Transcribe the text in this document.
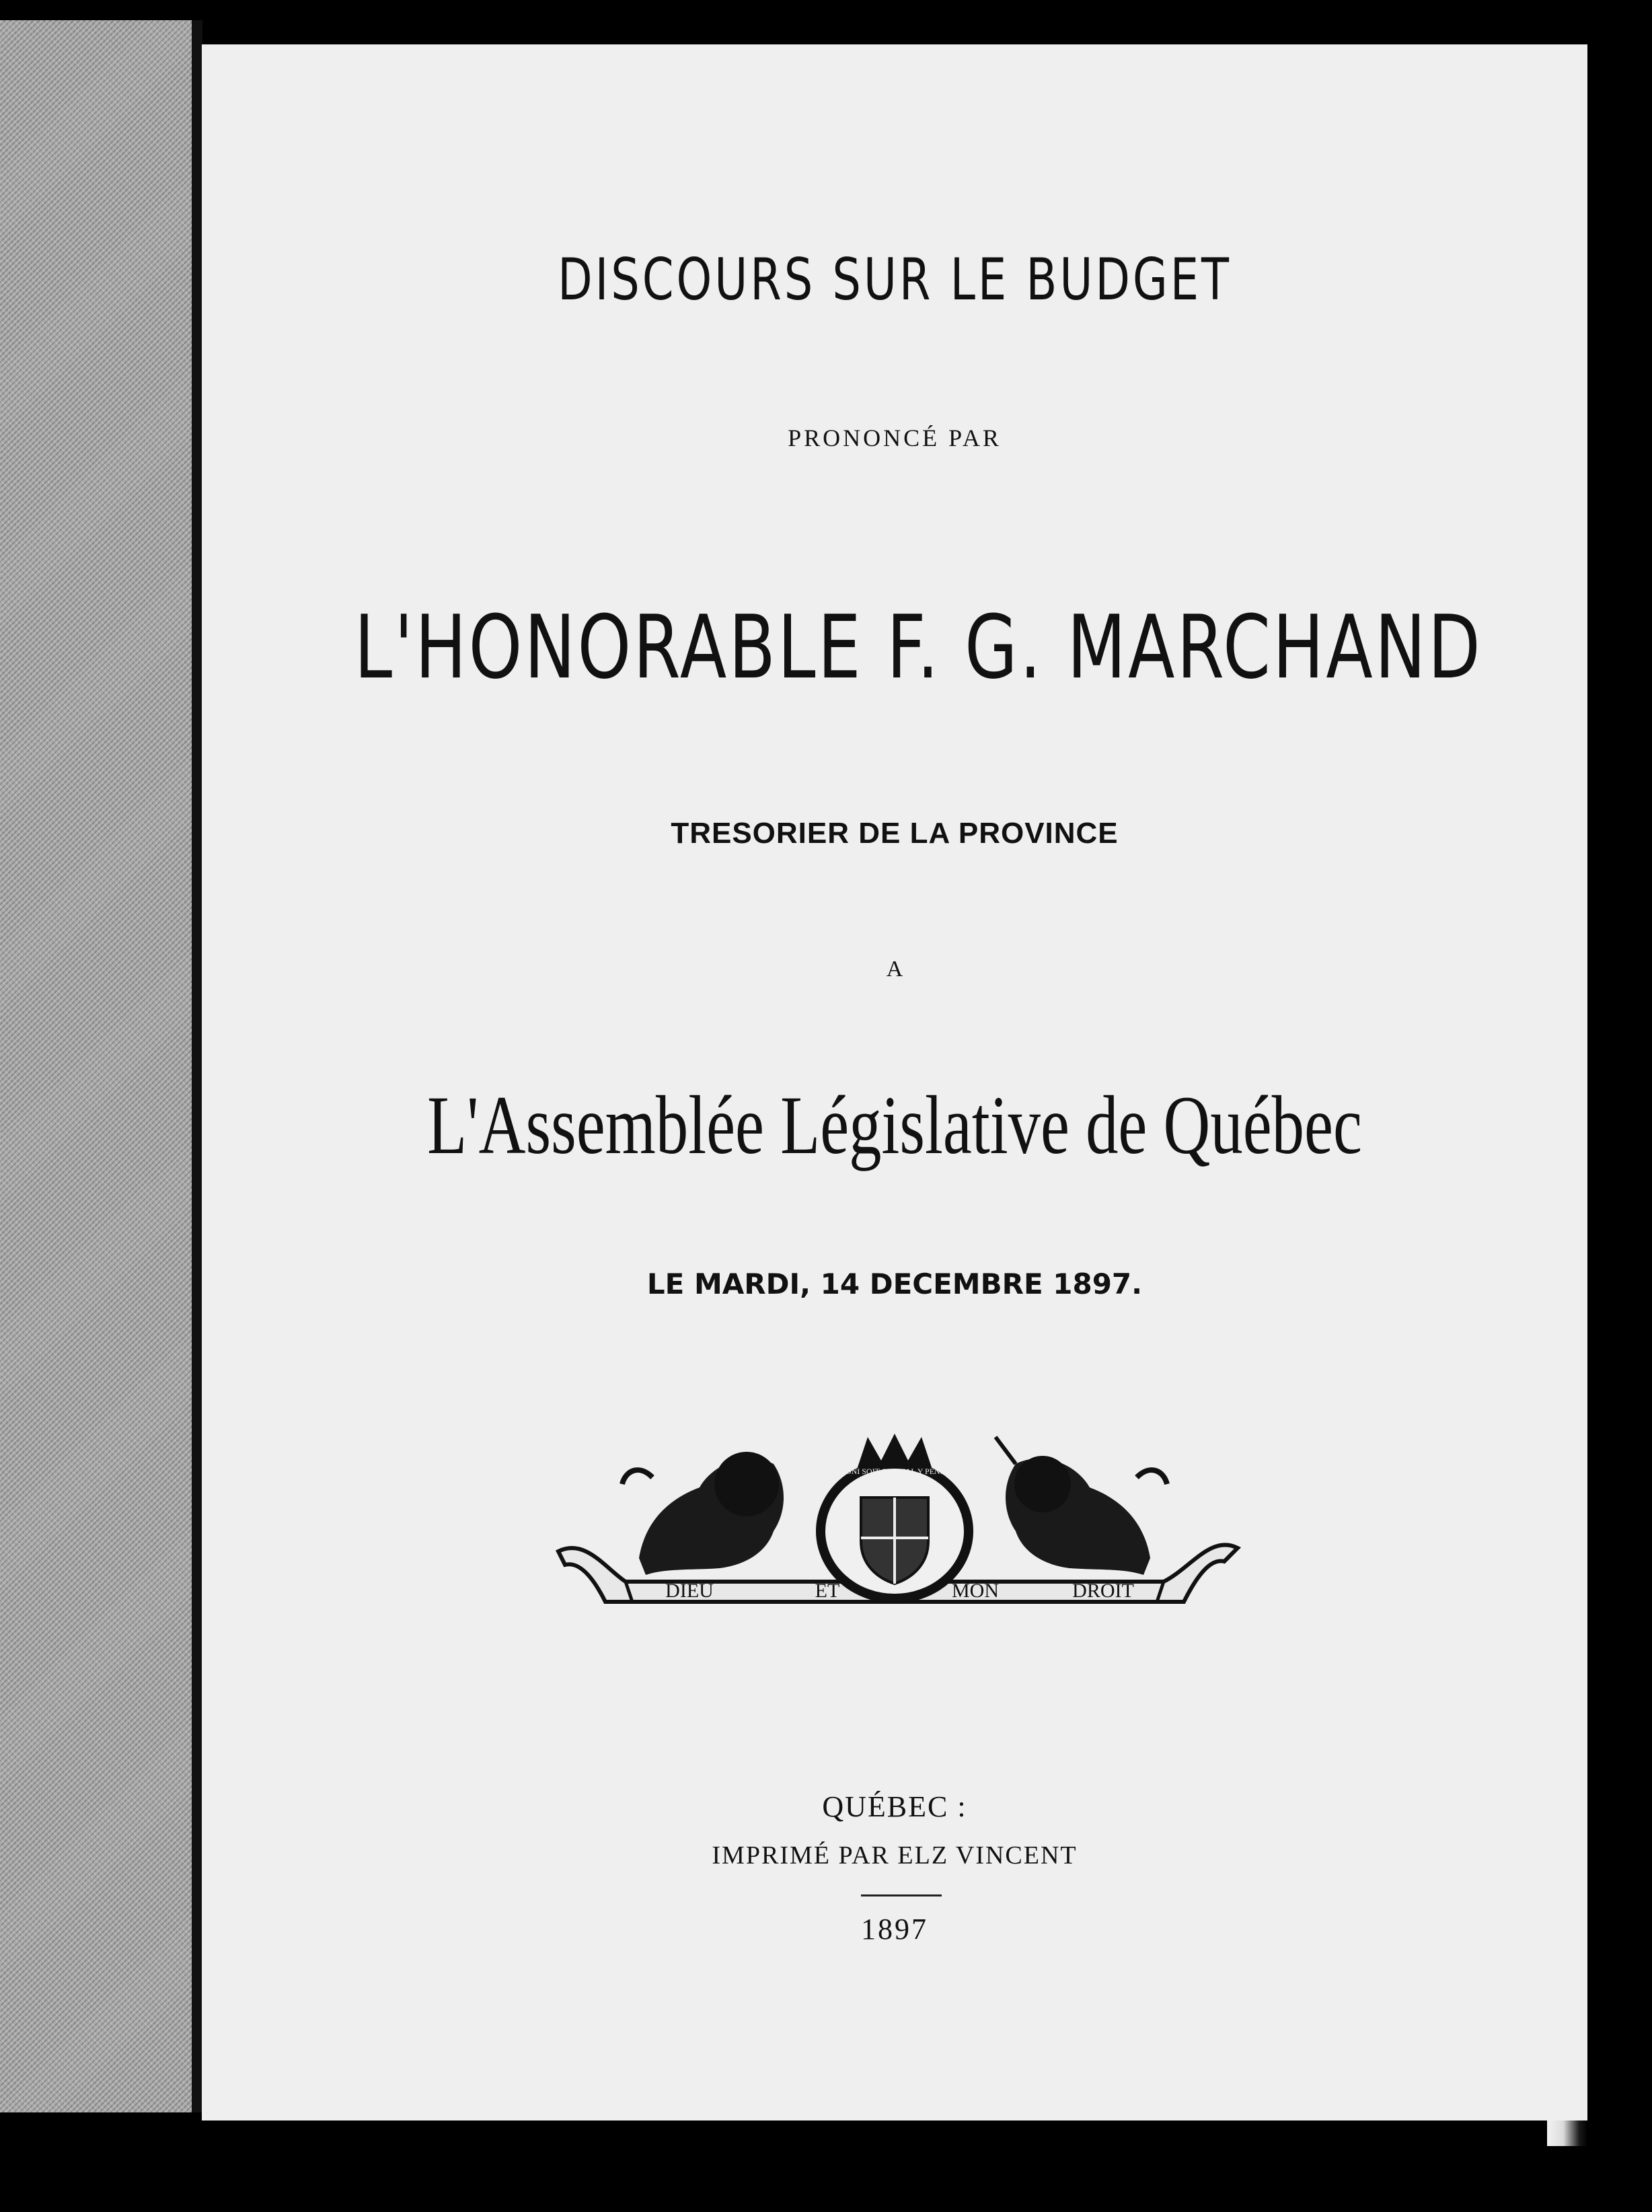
DISCOURS SUR LE BUDGET
PRONONCÉ PAR
L'HONORABLE F. G. MARCHAND
TRESORIER DE LA PROVINCE
A
L'Assemblée Législative de Québec
LE MARDI, 14 DECEMBRE 1897.
DIEU	ET	MON	DROIT
HONI SOIT QUI MAL Y PENSE
QUÉBEC :
IMPRIMÉ PAR ELZ VINCENT
1897
